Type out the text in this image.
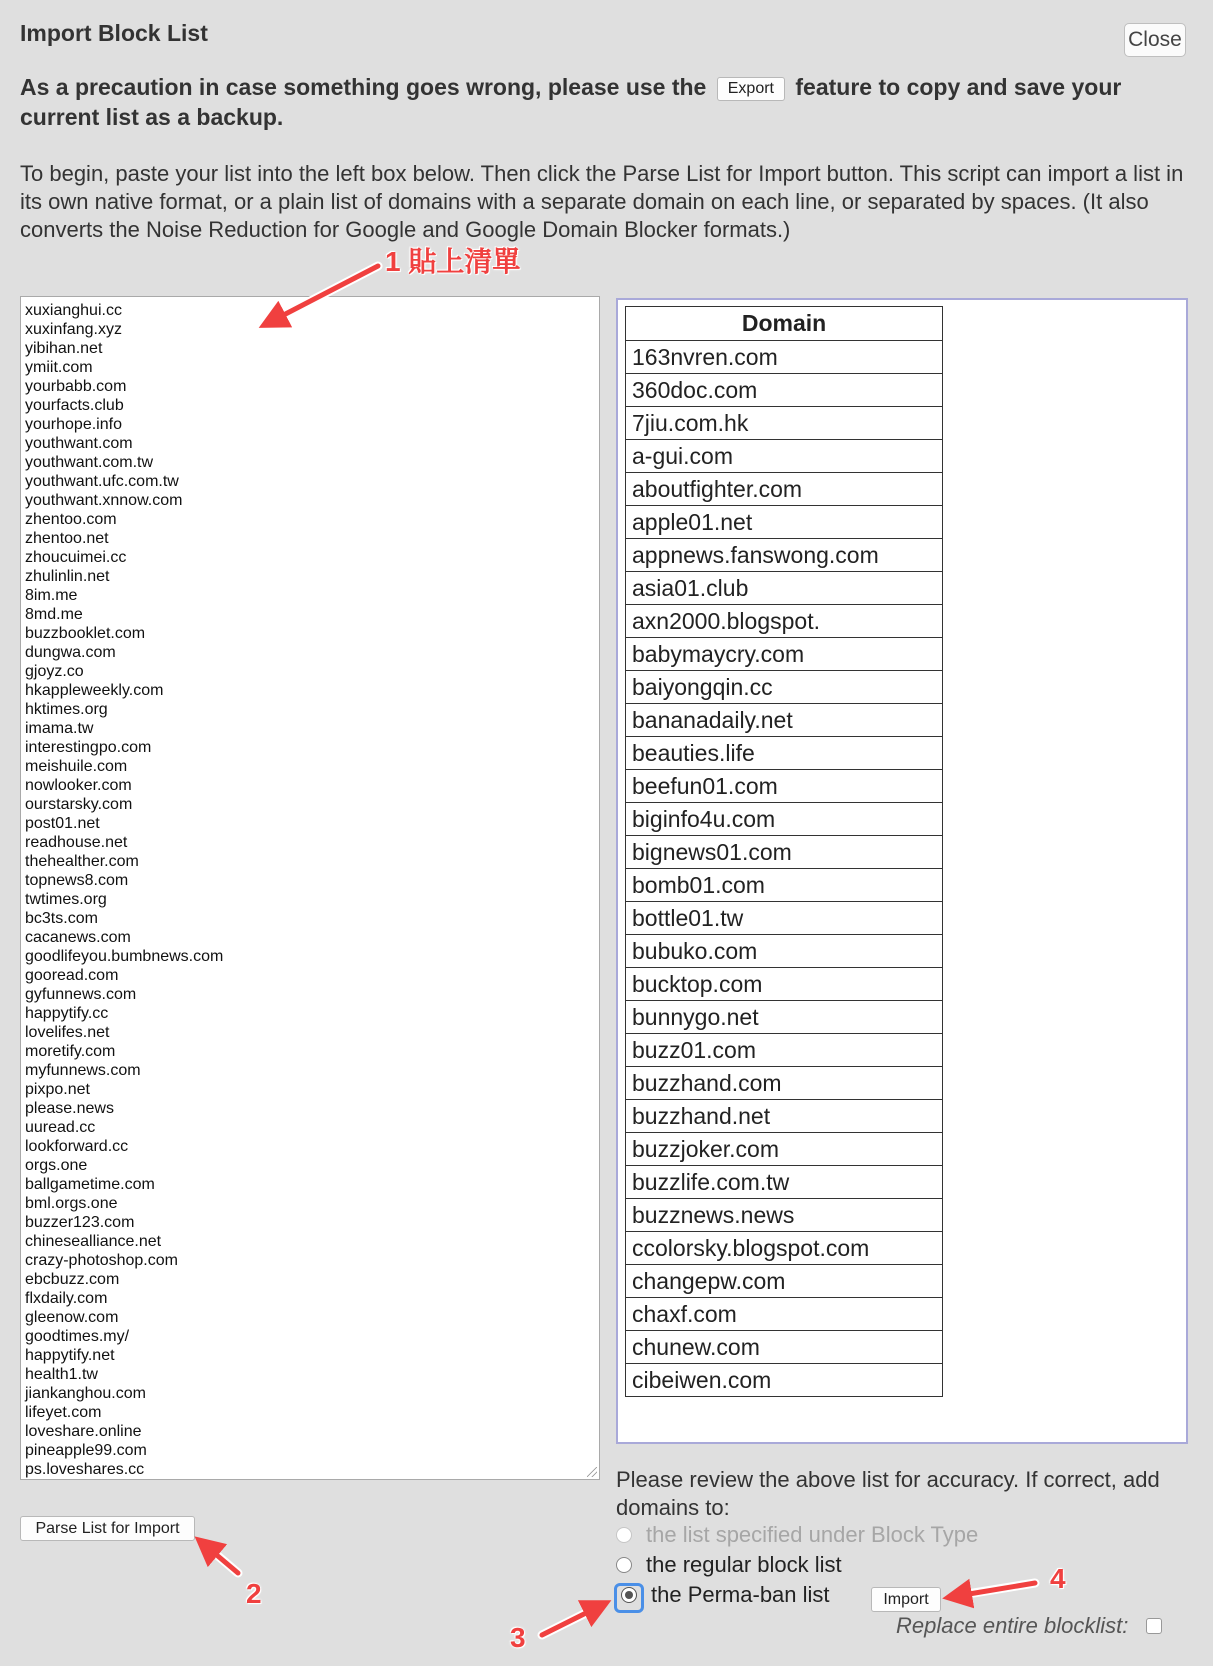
Import Block List	Close
As a precaution in case something goes wrong, please use the Export feature to copy and save your current list as a backup.
To begin, paste your list into the left box below. Then click the Parse List for Import button. This script can import a list in its own native format, or a plain list of domains with a separate domain on each line, or separated by spaces. (It also converts the Noise Reduction for Google and Google Domain Blocker formats.)
xuxianghui.cc
xuxinfang.xyz
yibihan.net
ymiit.com
yourbabb.com
yourfacts.club
yourhope.info
youthwant.com
youthwant.com.tw
youthwant.ufc.com.tw
youthwant.xnnow.com
zhentoo.com
zhentoo.net
zhoucuimei.cc
zhulinlin.net
8im.me
8md.me
buzzbooklet.com
dungwa.com
gjoyz.co
hkappleweekly.com
hktimes.org
imama.tw
interestingpo.com
meishuile.com
nowlooker.com
ourstarsky.com
post01.net
readhouse.net
thehealther.com
topnews8.com
twtimes.org
bc3ts.com
cacanews.com
goodlifeyou.bumbnews.com
gooread.com
gyfunnews.com
happytify.cc
lovelifes.net
moretify.com
myfunnews.com
pixpo.net
please.news
uuread.cc
lookforward.cc
orgs.one
ballgametime.com
bml.orgs.one
buzzer123.com
chinesealliance.net
crazy-photoshop.com
ebcbuzz.com
flxdaily.com
gleenow.com
goodtimes.my/
happytify.net
health1.tw
jiankanghou.com
lifeyet.com
loveshare.online
pineapple99.com
ps.loveshares.cc
Parse List for Import
Domain
163nvren.com
360doc.com
7jiu.com.hk
a-gui.com
aboutfighter.com
apple01.net
appnews.fanswong.com
asia01.club
axn2000.blogspot.
babymaycry.com
baiyongqin.cc
bananadaily.net
beauties.life
beefun01.com
biginfo4u.com
bignews01.com
bomb01.com
bottle01.tw
bubuko.com
bucktop.com
bunnygo.net
buzz01.com
buzzhand.com
buzzhand.net
buzzjoker.com
buzzlife.com.tw
buzznews.news
ccolorsky.blogspot.com
changepw.com
chaxf.com
chunew.com
cibeiwen.com
Please review the above list for accuracy. If correct, add domains to:
the list specified under Block Type
the regular block list
the Perma-ban list	Import
Replace entire blocklist:
1 貼上清單
2
3
4
